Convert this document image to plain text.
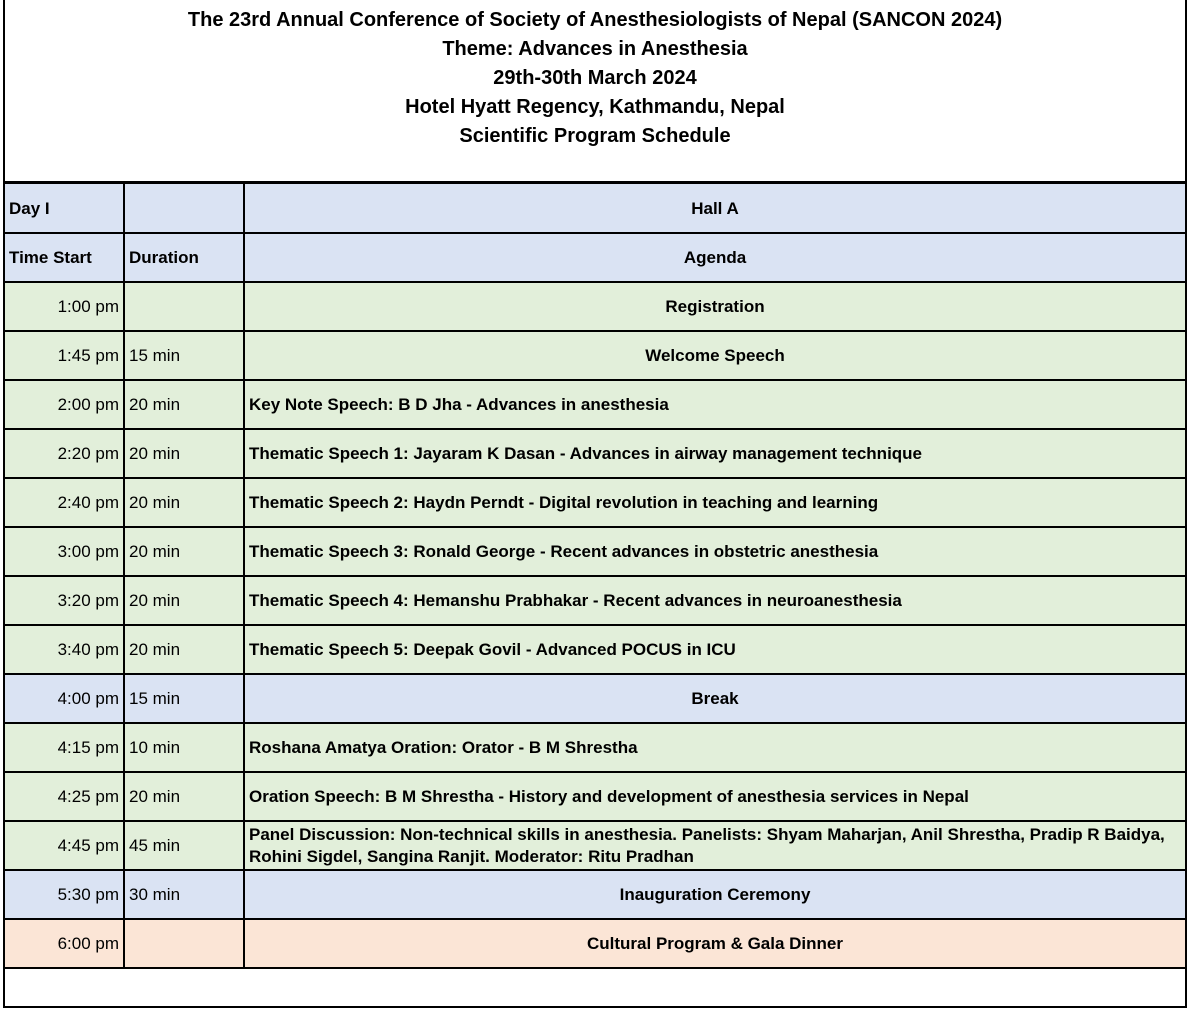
The 23rd Annual Conference of Society of Anesthesiologists of Nepal (SANCON 2024)
Theme: Advances in Anesthesia
29th-30th March 2024
Hotel Hyatt Regency, Kathmandu, Nepal
Scientific Program Schedule
Day I		Hall A
Time Start	Duration	Agenda
1:00 pm		Registration
1:45 pm	15 min	Welcome Speech
2:00 pm	20 min	Key Note Speech: B D Jha - Advances in anesthesia
2:20 pm	20 min	Thematic Speech 1: Jayaram K Dasan - Advances in airway management technique
2:40 pm	20 min	Thematic Speech 2: Haydn Perndt - Digital revolution in teaching and learning
3:00 pm	20 min	Thematic Speech 3: Ronald George - Recent advances in obstetric anesthesia
3:20 pm	20 min	Thematic Speech 4: Hemanshu Prabhakar - Recent advances in neuroanesthesia
3:40 pm	20 min	Thematic Speech 5: Deepak Govil - Advanced POCUS in ICU
4:00 pm	15 min	Break
4:15 pm	10 min	Roshana Amatya Oration: Orator - B M Shrestha
4:25 pm	20 min	Oration Speech: B M Shrestha - History and development of anesthesia services in Nepal
4:45 pm	45 min	Panel Discussion: Non-technical skills in anesthesia. Panelists: Shyam Maharjan, Anil Shrestha, Pradip R Baidya, Rohini Sigdel, Sangina Ranjit. Moderator: Ritu Pradhan
5:30 pm	30 min	Inauguration Ceremony
6:00 pm		Cultural Program & Gala Dinner
